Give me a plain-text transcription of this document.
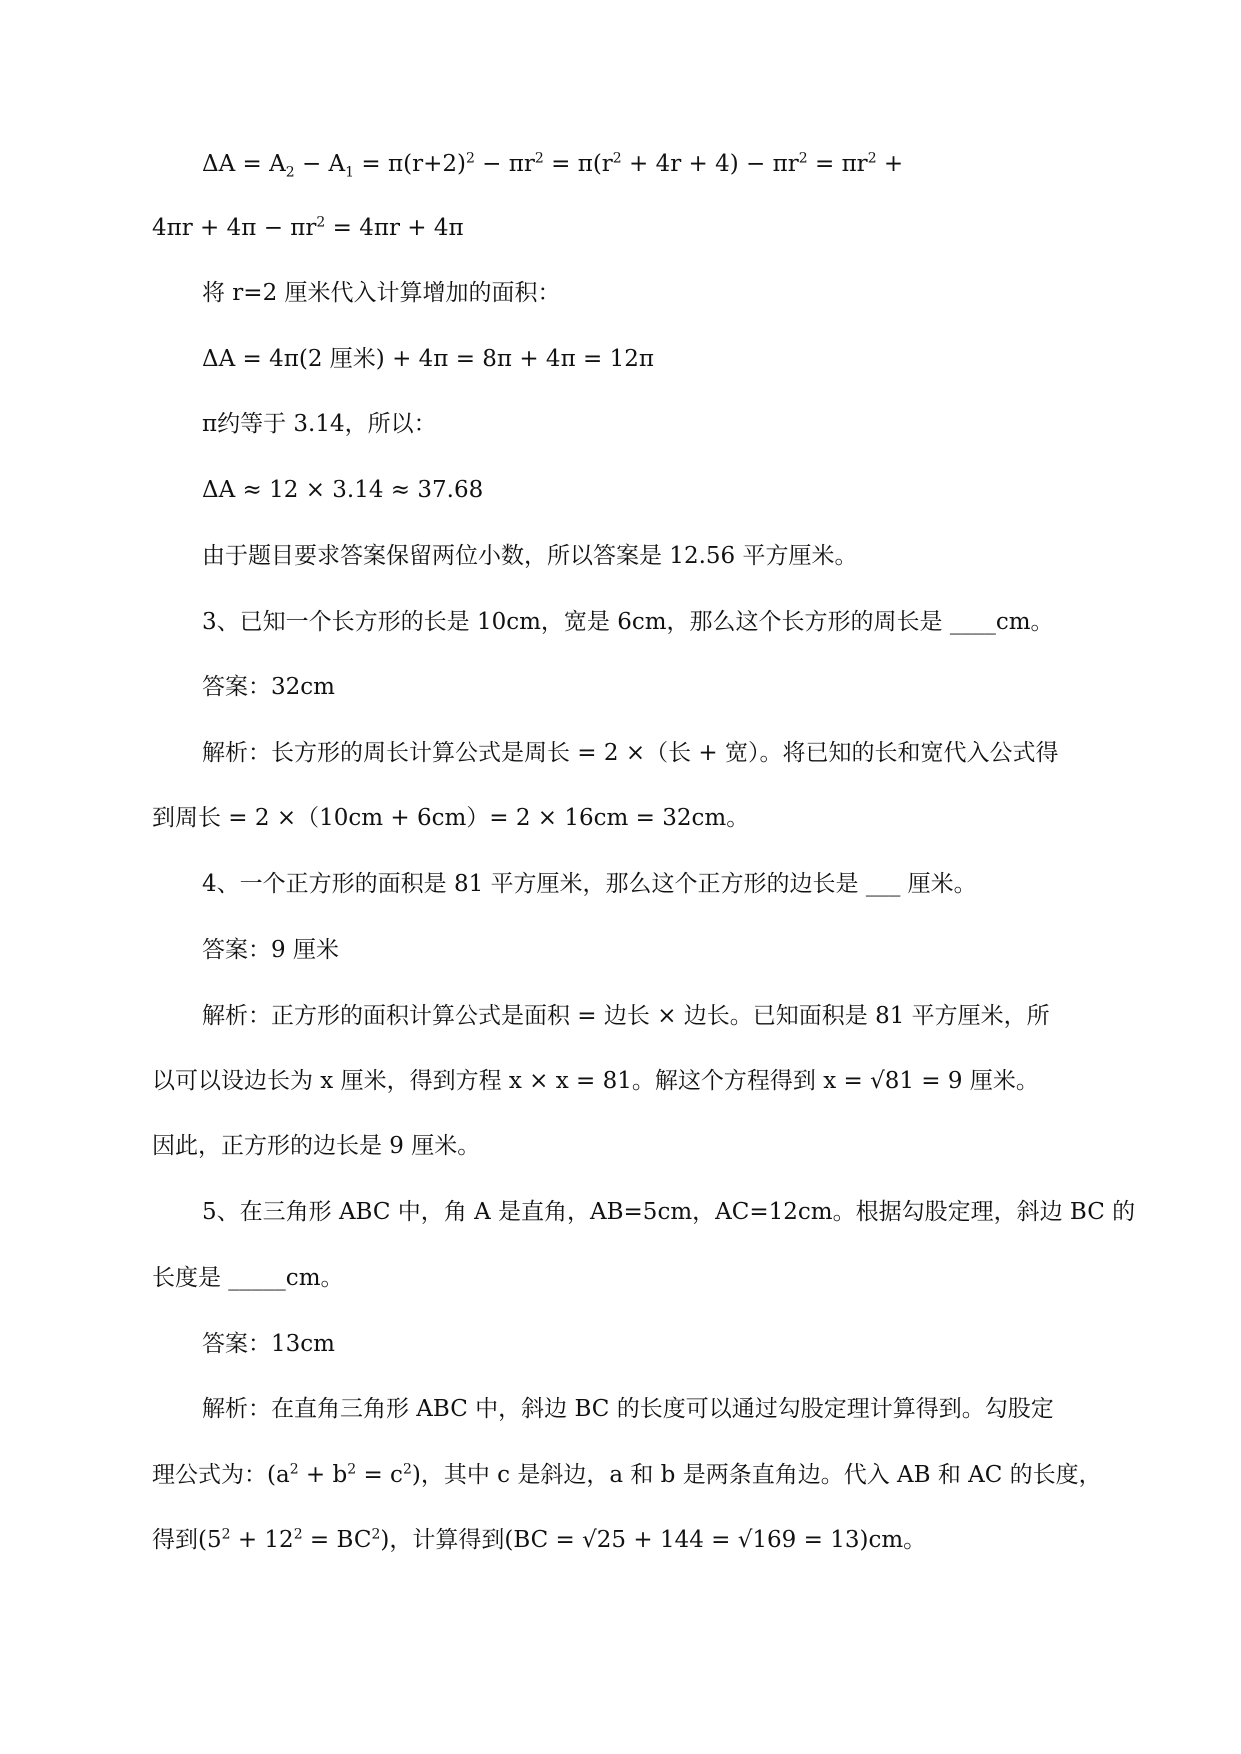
$\Delta A = A_2 - A_1 = \pi(r+2)^2 - \pi r^2 = \pi(r^2 + 4r + 4) - \pi r^2 = \pi r^2$ +
$4\pi r + 4\pi - \pi r^2 = 4\pi r + 4\pi$
将 r=2 厘米代入计算增加的面积：
ΔA = 4π(2 厘米) + 4π = 8π + 4π = 12π
π约等于 3.14，所以：
ΔA ≈ 12 × 3.14 ≈ 37.68
由于题目要求答案保留两位小数，所以答案是 12.56 平方厘米。
3、已知一个长方形的长是 10cm，宽是 6cm，那么这个长方形的周长是 ____cm。
答案：32cm
解析：长方形的周长计算公式是周长 = 2 ×（长 + 宽）。将已知的长和宽代入公式得
到周长 = 2 ×（10cm + 6cm）= 2 × 16cm = 32cm。
4、一个正方形的面积是 81 平方厘米，那么这个正方形的边长是 ___ 厘米。
答案：9 厘米
解析：正方形的面积计算公式是面积 = 边长 × 边长。已知面积是 81 平方厘米，所
以可以设边长为 x 厘米，得到方程 x × x = 81。解这个方程得到 x = √81 = 9 厘米。
因此，正方形的边长是 9 厘米。
5、在三角形 ABC 中，角 A 是直角，AB=5cm，AC=12cm。根据勾股定理，斜边 BC 的
长度是 _____cm。
答案：13cm
解析：在直角三角形 ABC 中，斜边 BC 的长度可以通过勾股定理计算得到。勾股定
理公式为：$(a^2 + b^2 = c^2)$，其中 c 是斜边，a 和 b 是两条直角边。代入 AB 和 AC 的长度，
得到$(5^2 + 12^2 = BC^2)$，计算得到(BC = √25 + 144 = √169 = 13)cm。
